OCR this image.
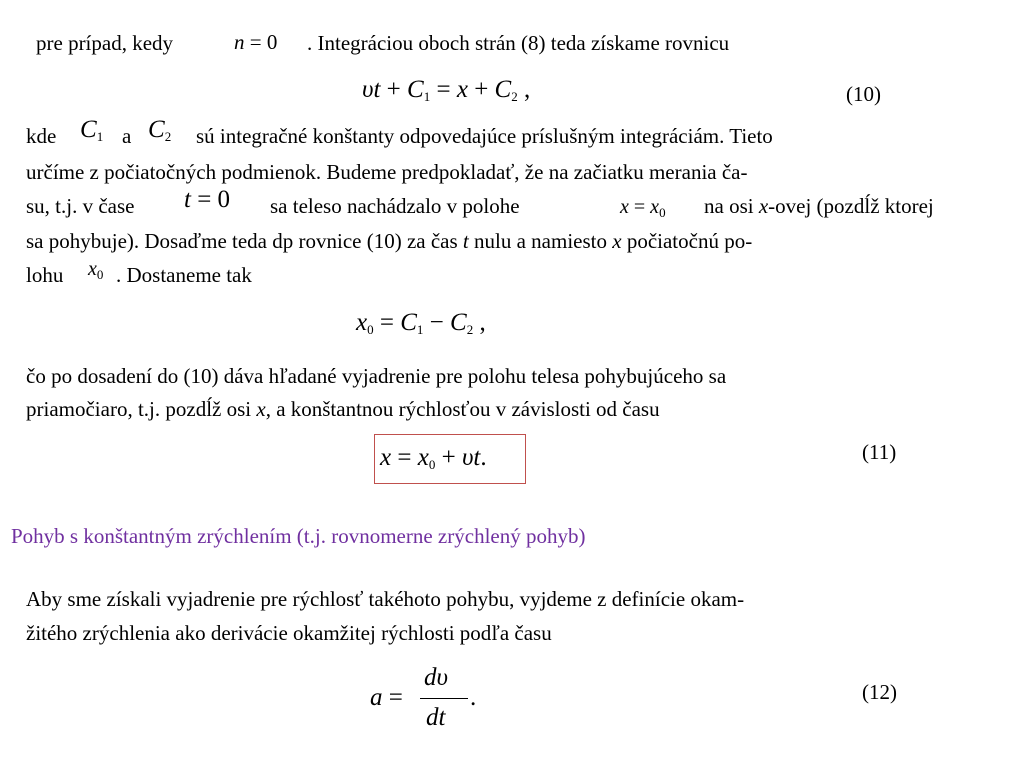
pre prípad, kedy	n = 0 . Integráciou oboch strán (8) teda získame rovnicu
$\upsilon t + C_1 = x + C_2$ ,	(10)
kde $C_1$ a $C_2$ sú integračné konštanty odpovedajúce príslušným integráciám. Tieto
určíme z počiatočných podmienok. Budeme predpokladať, že na začiatku merania ča-
su, t.j. v čase t = 0 sa teleso nachádzalo v polohe	$x = x_0$ na osi x-ovej (pozdĺž ktorej
sa pohybuje). Dosaďme teda dp rovnice (10) za čas t nulu a namiesto x počiatočnú po-
lohu $x_0$ . Dostaneme tak
$x_0 = C_1 - C_2$ ,
čo po dosadení do (10) dáva hľadané vyjadrenie pre polohu telesa pohybujúceho sa
priamočiaro, t.j. pozdĺž osi x, a konštantnou rýchlosťou v závislosti od času
$x = x_0 + \upsilon t$.	(11)
Pohyb s konštantným zrýchlením (t.j. rovnomerne zrýchlený pohyb)
Aby sme získali vyjadrenie pre rýchlosť takéhoto pohybu, vyjdeme z definície okam-
žitého zrýchlenia ako derivácie okamžitej rýchlosti podľa času
a =
dυ
dt
.	(12)
